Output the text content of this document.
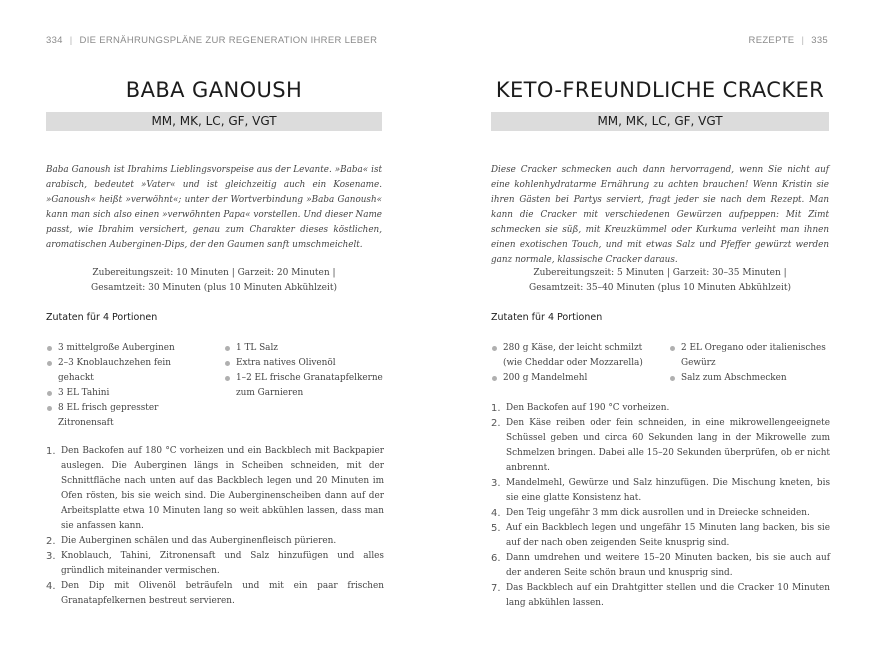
334 | DIE ERNÄHRUNGSPLÄNE ZUR REGENERATION IHRER LEBER
BABA GANOUSH
MM, MK, LC, GF, VGT
Baba Ganoush ist Ibrahims Lieblingsvorspeise aus der Levante. »Baba« ist arabisch, bedeutet »Vater« und ist gleichzeitig auch ein Kosename. »Ganoush« heißt »verwöhnt«; unter der Wortverbindung »Baba Ganoush« kann man sich also einen »verwöhnten Papa« vorstellen. Und dieser Name passt, wie Ibrahim versichert, genau zum Charakter dieses köstlichen, aromatischen Auberginen-Dips, der den Gaumen sanft umschmeichelt.
Zubereitungszeit: 10 Minuten | Garzeit: 20 Minuten |
Gesamtzeit: 30 Minuten (plus 10 Minuten Abkühlzeit)
Zutaten für 4 Portionen
3 mittelgroße Auberginen
2–3 Knoblauchzehen fein gehackt
3 EL Tahini
8 EL frisch gepresster Zitronensaft
1 TL Salz
Extra natives Olivenöl
1–2 EL frische Granatapfelkerne zum Garnieren
1. Den Backofen auf 180 °C vorheizen und ein Backblech mit Backpapier auslegen. Die Auberginen längs in Scheiben schneiden, mit der Schnittfläche nach unten auf das Backblech legen und 20 Minuten im Ofen rösten, bis sie weich sind. Die Auberginenscheiben dann auf der Arbeitsplatte etwa 10 Minuten lang so weit abkühlen lassen, dass man sie anfassen kann.
2. Die Auberginen schälen und das Auberginenfleisch pürieren.
3. Knoblauch, Tahini, Zitronensaft und Salz hinzufügen und alles gründlich miteinander vermischen.
4. Den Dip mit Olivenöl beträufeln und mit ein paar frischen Granatapfelkernen bestreut servieren.
REZEPTE | 335
KETO-FREUNDLICHE CRACKER
MM, MK, LC, GF, VGT
Diese Cracker schmecken auch dann hervorragend, wenn Sie nicht auf eine kohlenhydratarme Ernährung zu achten brauchen! Wenn Kristin sie ihren Gästen bei Partys serviert, fragt jeder sie nach dem Rezept. Man kann die Cracker mit verschiedenen Gewürzen aufpeppen: Mit Zimt schmecken sie süß, mit Kreuzkümmel oder Kurkuma verleiht man ihnen einen exotischen Touch, und mit etwas Salz und Pfeffer gewürzt werden ganz normale, klassische Cracker daraus.
Zubereitungszeit: 5 Minuten | Garzeit: 30–35 Minuten |
Gesamtzeit: 35–40 Minuten (plus 10 Minuten Abkühlzeit)
Zutaten für 4 Portionen
280 g Käse, der leicht schmilzt (wie Cheddar oder Mozzarella)
200 g Mandelmehl
2 EL Oregano oder italienisches Gewürz
Salz zum Abschmecken
1. Den Backofen auf 190 °C vorheizen.
2. Den Käse reiben oder fein schneiden, in eine mikrowellengeeignete Schüssel geben und circa 60 Sekunden lang in der Mikrowelle zum Schmelzen bringen. Dabei alle 15–20 Sekunden überprüfen, ob er nicht anbrennt.
3. Mandelmehl, Gewürze und Salz hinzufügen. Die Mischung kneten, bis sie eine glatte Konsistenz hat.
4. Den Teig ungefähr 3 mm dick ausrollen und in Dreiecke schneiden.
5. Auf ein Backblech legen und ungefähr 15 Minuten lang backen, bis sie auf der nach oben zeigenden Seite knusprig sind.
6. Dann umdrehen und weitere 15–20 Minuten backen, bis sie auch auf der anderen Seite schön braun und knusprig sind.
7. Das Backblech auf ein Drahtgitter stellen und die Cracker 10 Minuten lang abkühlen lassen.
